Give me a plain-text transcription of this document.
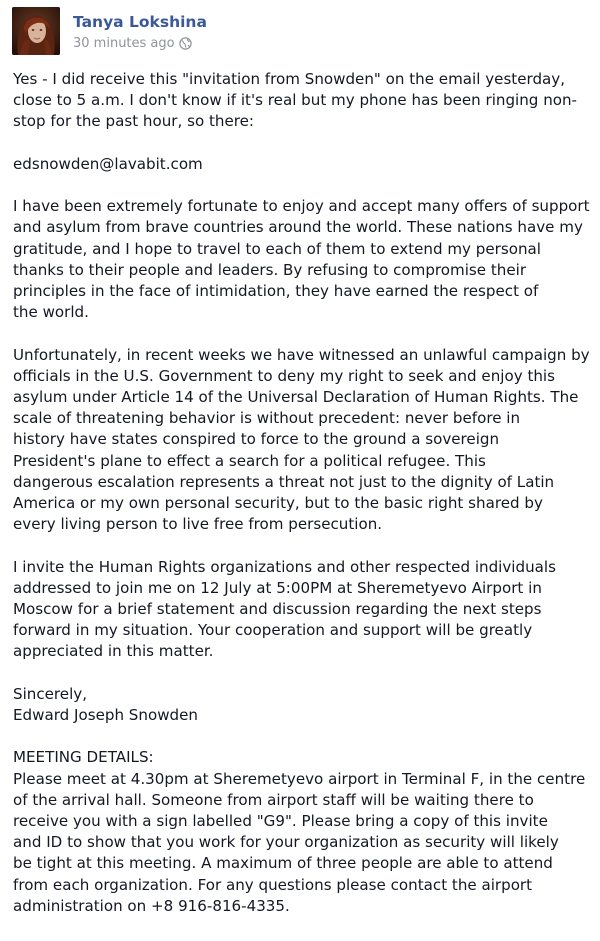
Tanya Lokshina
30 minutes ago

Yes - I did receive this "invitation from Snowden" on the email yesterday,
close to 5 a.m. I don't know if it's real but my phone has been ringing non-
stop for the past hour, so there:

edsnowden@lavabit.com

I have been extremely fortunate to enjoy and accept many offers of support
and asylum from brave countries around the world. These nations have my
gratitude, and I hope to travel to each of them to extend my personal
thanks to their people and leaders. By refusing to compromise their
principles in the face of intimidation, they have earned the respect of
the world.

Unfortunately, in recent weeks we have witnessed an unlawful campaign by
officials in the U.S. Government to deny my right to seek and enjoy this
asylum under Article 14 of the Universal Declaration of Human Rights. The
scale of threatening behavior is without precedent: never before in
history have states conspired to force to the ground a sovereign
President's plane to effect a search for a political refugee. This
dangerous escalation represents a threat not just to the dignity of Latin
America or my own personal security, but to the basic right shared by
every living person to live free from persecution.

I invite the Human Rights organizations and other respected individuals
addressed to join me on 12 July at 5:00PM at Sheremetyevo Airport in
Moscow for a brief statement and discussion regarding the next steps
forward in my situation. Your cooperation and support will be greatly
appreciated in this matter.

Sincerely,
Edward Joseph Snowden

MEETING DETAILS:
Please meet at 4.30pm at Sheremetyevo airport in Terminal F, in the centre
of the arrival hall. Someone from airport staff will be waiting there to
receive you with a sign labelled "G9". Please bring a copy of this invite
and ID to show that you work for your organization as security will likely
be tight at this meeting. A maximum of three people are able to attend
from each organization. For any questions please contact the airport
administration on +8 916-816-4335.
